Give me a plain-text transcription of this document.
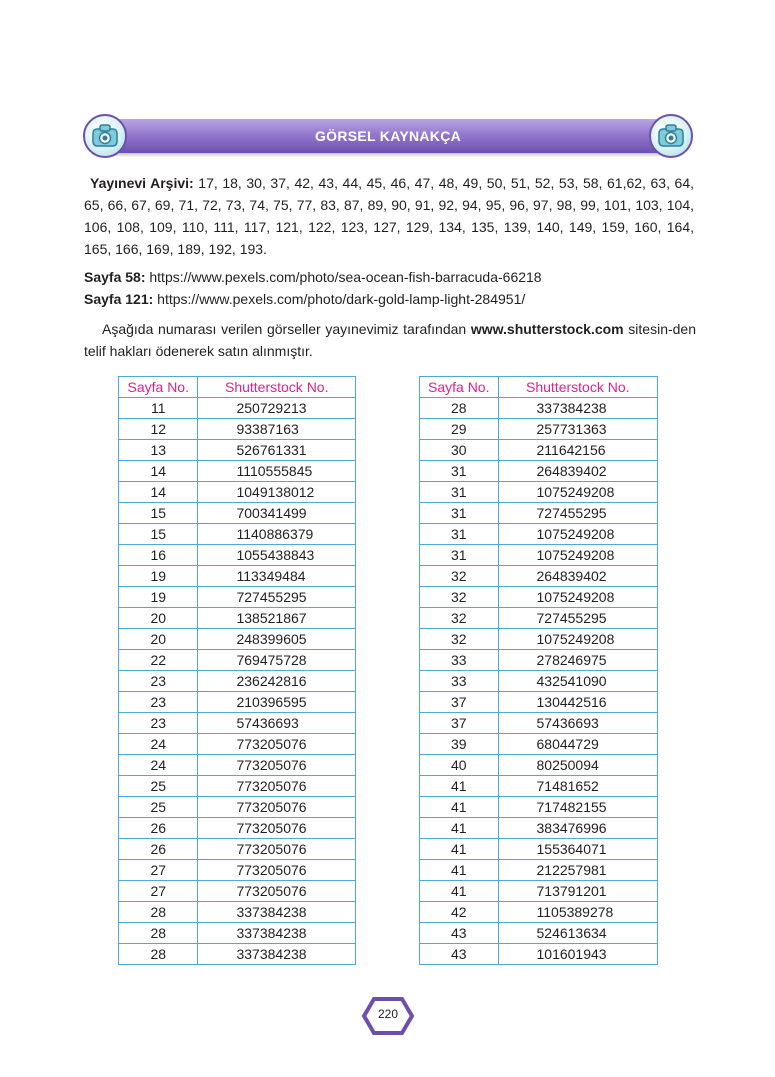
GÖRSEL KAYNAKÇA
Yayınevi Arşivi: 17, 18, 30, 37, 42, 43, 44, 45, 46, 47, 48, 49, 50, 51, 52, 53, 58, 61,62, 63, 64, 65, 66, 67, 69, 71, 72, 73, 74, 75, 77, 83, 87, 89, 90, 91, 92, 94, 95, 96, 97, 98, 99, 101, 103, 104, 106, 108, 109, 110, 111, 117, 121, 122, 123, 127, 129, 134, 135, 139, 140, 149, 159, 160, 164, 165, 166, 169, 189, 192, 193.
Sayfa 58: https://www.pexels.com/photo/sea-ocean-fish-barracuda-66218
Sayfa 121: https://www.pexels.com/photo/dark-gold-lamp-light-284951/
Aşağıda numarası verilen görseller yayınevimiz tarafından www.shutterstock.com sitesin-den telif hakları ödenerek satın alınmıştır.
Sayfa No.	Shutterstock No.
11	250729213
12	93387163
13	526761331
14	1110555845
14	1049138012
15	700341499
15	1140886379
16	1055438843
19	113349484
19	727455295
20	138521867
20	248399605
22	769475728
23	236242816
23	210396595
23	57436693
24	773205076
24	773205076
25	773205076
25	773205076
26	773205076
26	773205076
27	773205076
27	773205076
28	337384238
28	337384238
28	337384238
Sayfa No.	Shutterstock No.
28	337384238
29	257731363
30	211642156
31	264839402
31	1075249208
31	727455295
31	1075249208
31	1075249208
32	264839402
32	1075249208
32	727455295
32	1075249208
33	278246975
33	432541090
37	130442516
37	57436693
39	68044729
40	80250094
41	71481652
41	717482155
41	383476996
41	155364071
41	212257981
41	713791201
42	1105389278
43	524613634
43	101601943
220
